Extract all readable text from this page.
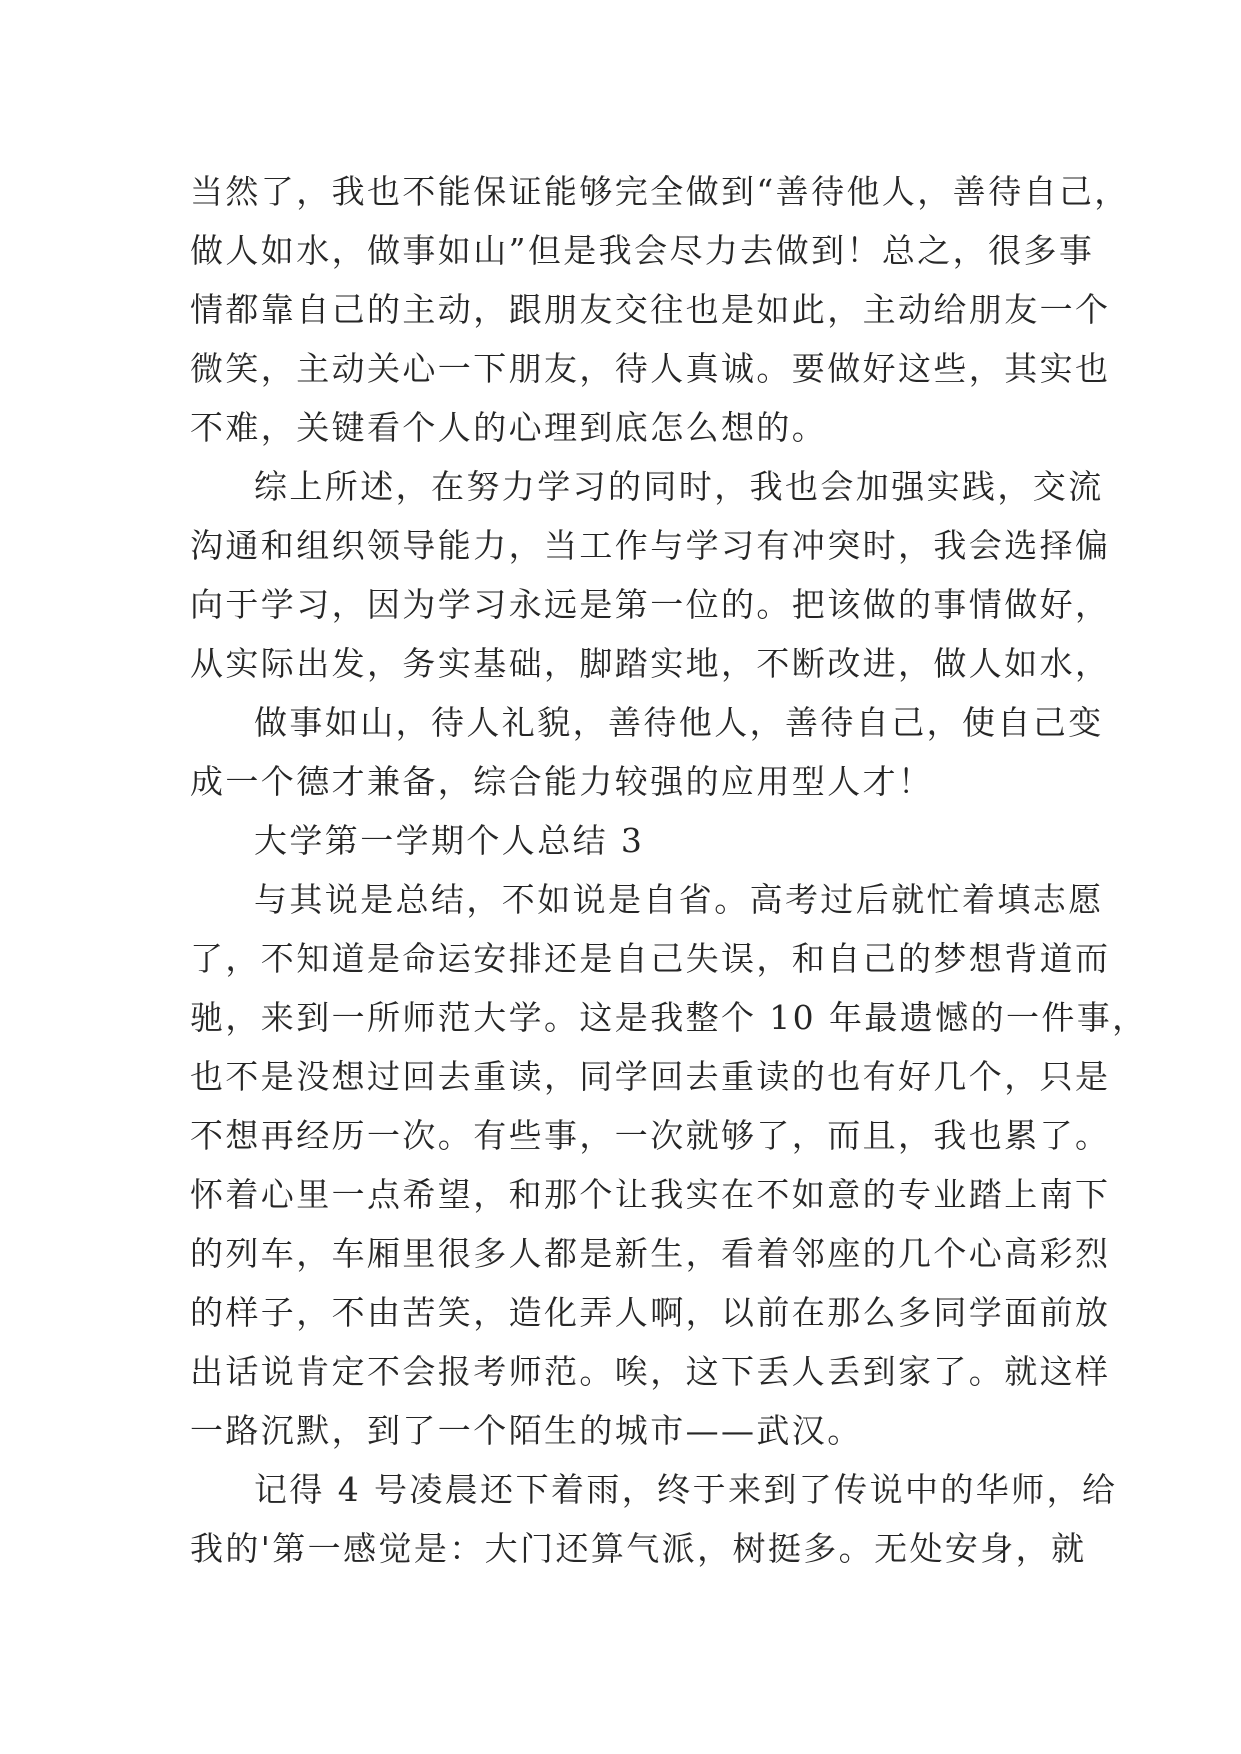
当然了，我也不能保证能够完全做到“善待他人，善待自己，
做人如水，做事如山”但是我会尽力去做到！总之，很多事
情都靠自己的主动，跟朋友交往也是如此，主动给朋友一个
微笑，主动关心一下朋友，待人真诚。要做好这些，其实也
不难，关键看个人的心理到底怎么想的。
综上所述，在努力学习的同时，我也会加强实践，交流
沟通和组织领导能力，当工作与学习有冲突时，我会选择偏
向于学习，因为学习永远是第一位的。把该做的事情做好，
从实际出发，务实基础，脚踏实地，不断改进，做人如水，
做事如山，待人礼貌，善待他人，善待自己，使自己变
成一个德才兼备，综合能力较强的应用型人才！
大学第一学期个人总结 3
与其说是总结，不如说是自省。高考过后就忙着填志愿
了，不知道是命运安排还是自己失误，和自己的梦想背道而
驰，来到一所师范大学。这是我整个 10 年最遗憾的一件事，
也不是没想过回去重读，同学回去重读的也有好几个，只是
不想再经历一次。有些事，一次就够了，而且，我也累了。
怀着心里一点希望，和那个让我实在不如意的专业踏上南下
的列车，车厢里很多人都是新生，看着邻座的几个心高彩烈
的样子，不由苦笑，造化弄人啊，以前在那么多同学面前放
出话说肯定不会报考师范。唉，这下丢人丢到家了。就这样
一路沉默，到了一个陌生的城市——武汉。
记得 4 号凌晨还下着雨，终于来到了传说中的华师，给
我的'第一感觉是：大门还算气派，树挺多。无处安身，就
